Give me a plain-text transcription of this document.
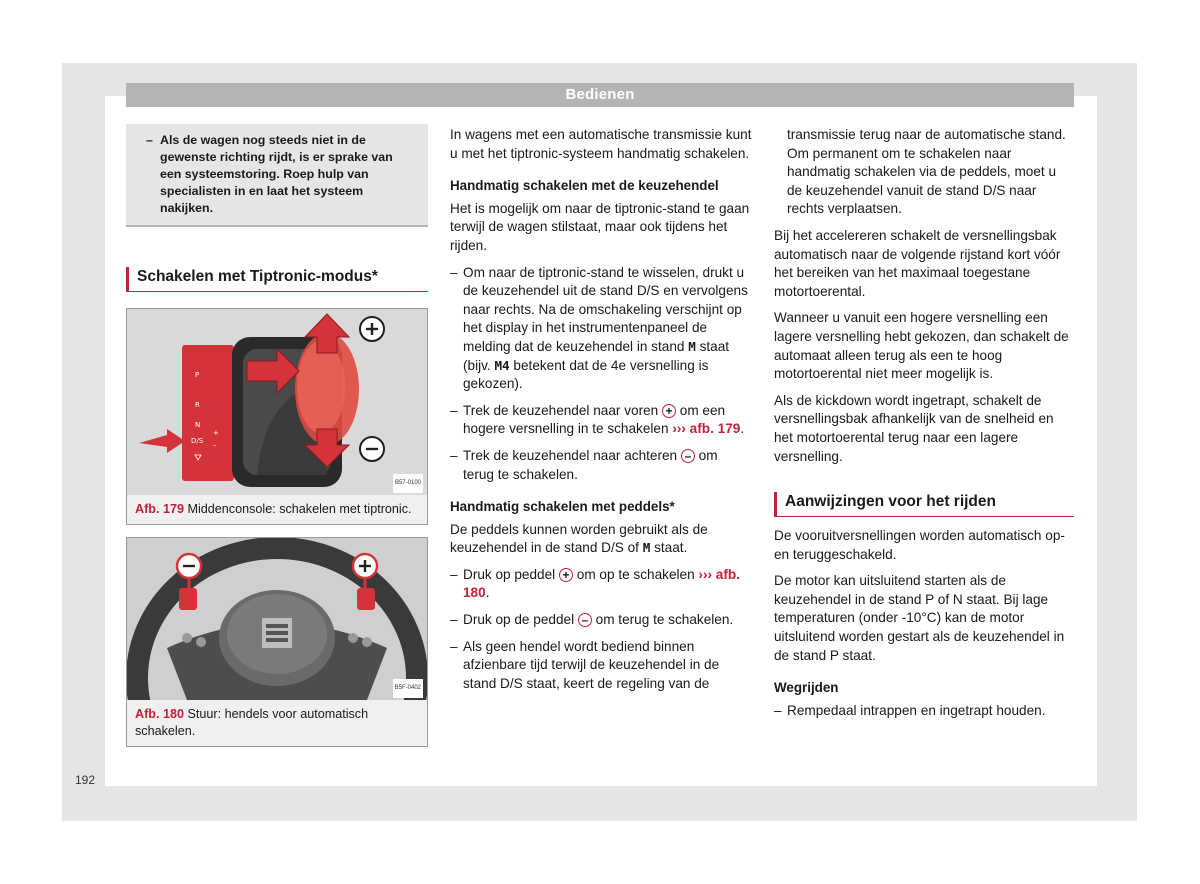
Bedienen
192
– Als de wagen nog steeds niet in de gewenste richting rijdt, is er sprake van een systeemstoring. Roep hulp van specialisten in en laat het systeem nakijken.
Schakelen met Tiptronic-modus*
P
R
N
D/S
+
–
B57-0100
Afb. 179 Middenconsole: schakelen met tiptronic.
B5F-0402
Afb. 180 Stuur: hendels voor automatisch schakelen.

In wagens met een automatische transmissie kunt u met het tiptronic-systeem handmatig schakelen.

Handmatig schakelen met de keuzehendel

Het is mogelijk om naar de tiptronic-stand te gaan terwijl de wagen stilstaat, maar ook tijdens het rijden.

– Om naar de tiptronic-stand te wisselen, drukt u de keuzehendel uit de stand D/S en vervolgens naar rechts. Na de omschakeling verschijnt op het display in het instrumentenpaneel de melding dat de keuzehendel in stand M staat (bijv. M4 betekent dat de 4e versnelling is gekozen).
– Trek de keuzehendel naar voren + om een hogere versnelling in te schakelen ››› afb. 179.
– Trek de keuzehendel naar achteren – om terug te schakelen.
Handmatig schakelen met peddels*

De peddels kunnen worden gebruikt als de keuzehendel in de stand D/S of M staat.

– Druk op peddel + om op te schakelen ››› afb. 180.
– Druk op de peddel – om terug te schakelen.
– Als geen hendel wordt bediend binnen afzienbare tijd terwijl de keuzehendel in de stand D/S staat, keert de regeling van de

transmissie terug naar de automatische stand. Om permanent om te schakelen naar handmatig schakelen via de peddels, moet u de keuzehendel vanuit de stand D/S naar rechts verplaatsen.

Bij het accelereren schakelt de versnellingsbak automatisch naar de volgende rijstand kort vóór het bereiken van het maximaal toegestane motortoerental.

Wanneer u vanuit een hogere versnelling een lagere versnelling hebt gekozen, dan schakelt de automaat alleen terug als een te hoog motortoerental niet meer mogelijk is.

Als de kickdown wordt ingetrapt, schakelt de versnellingsbak afhankelijk van de snelheid en het motortoerental terug naar een lagere versnelling.

Aanwijzingen voor het rijden

De vooruitversnellingen worden automatisch op- en teruggeschakeld.

De motor kan uitsluitend starten als de keuzehendel in de stand P of N staat. Bij lage temperaturen (onder -10°C) kan de motor uitsluitend worden gestart als de keuzehendel in de stand P staat.

Wegrijden
– Rempedaal intrappen en ingetrapt houden.
